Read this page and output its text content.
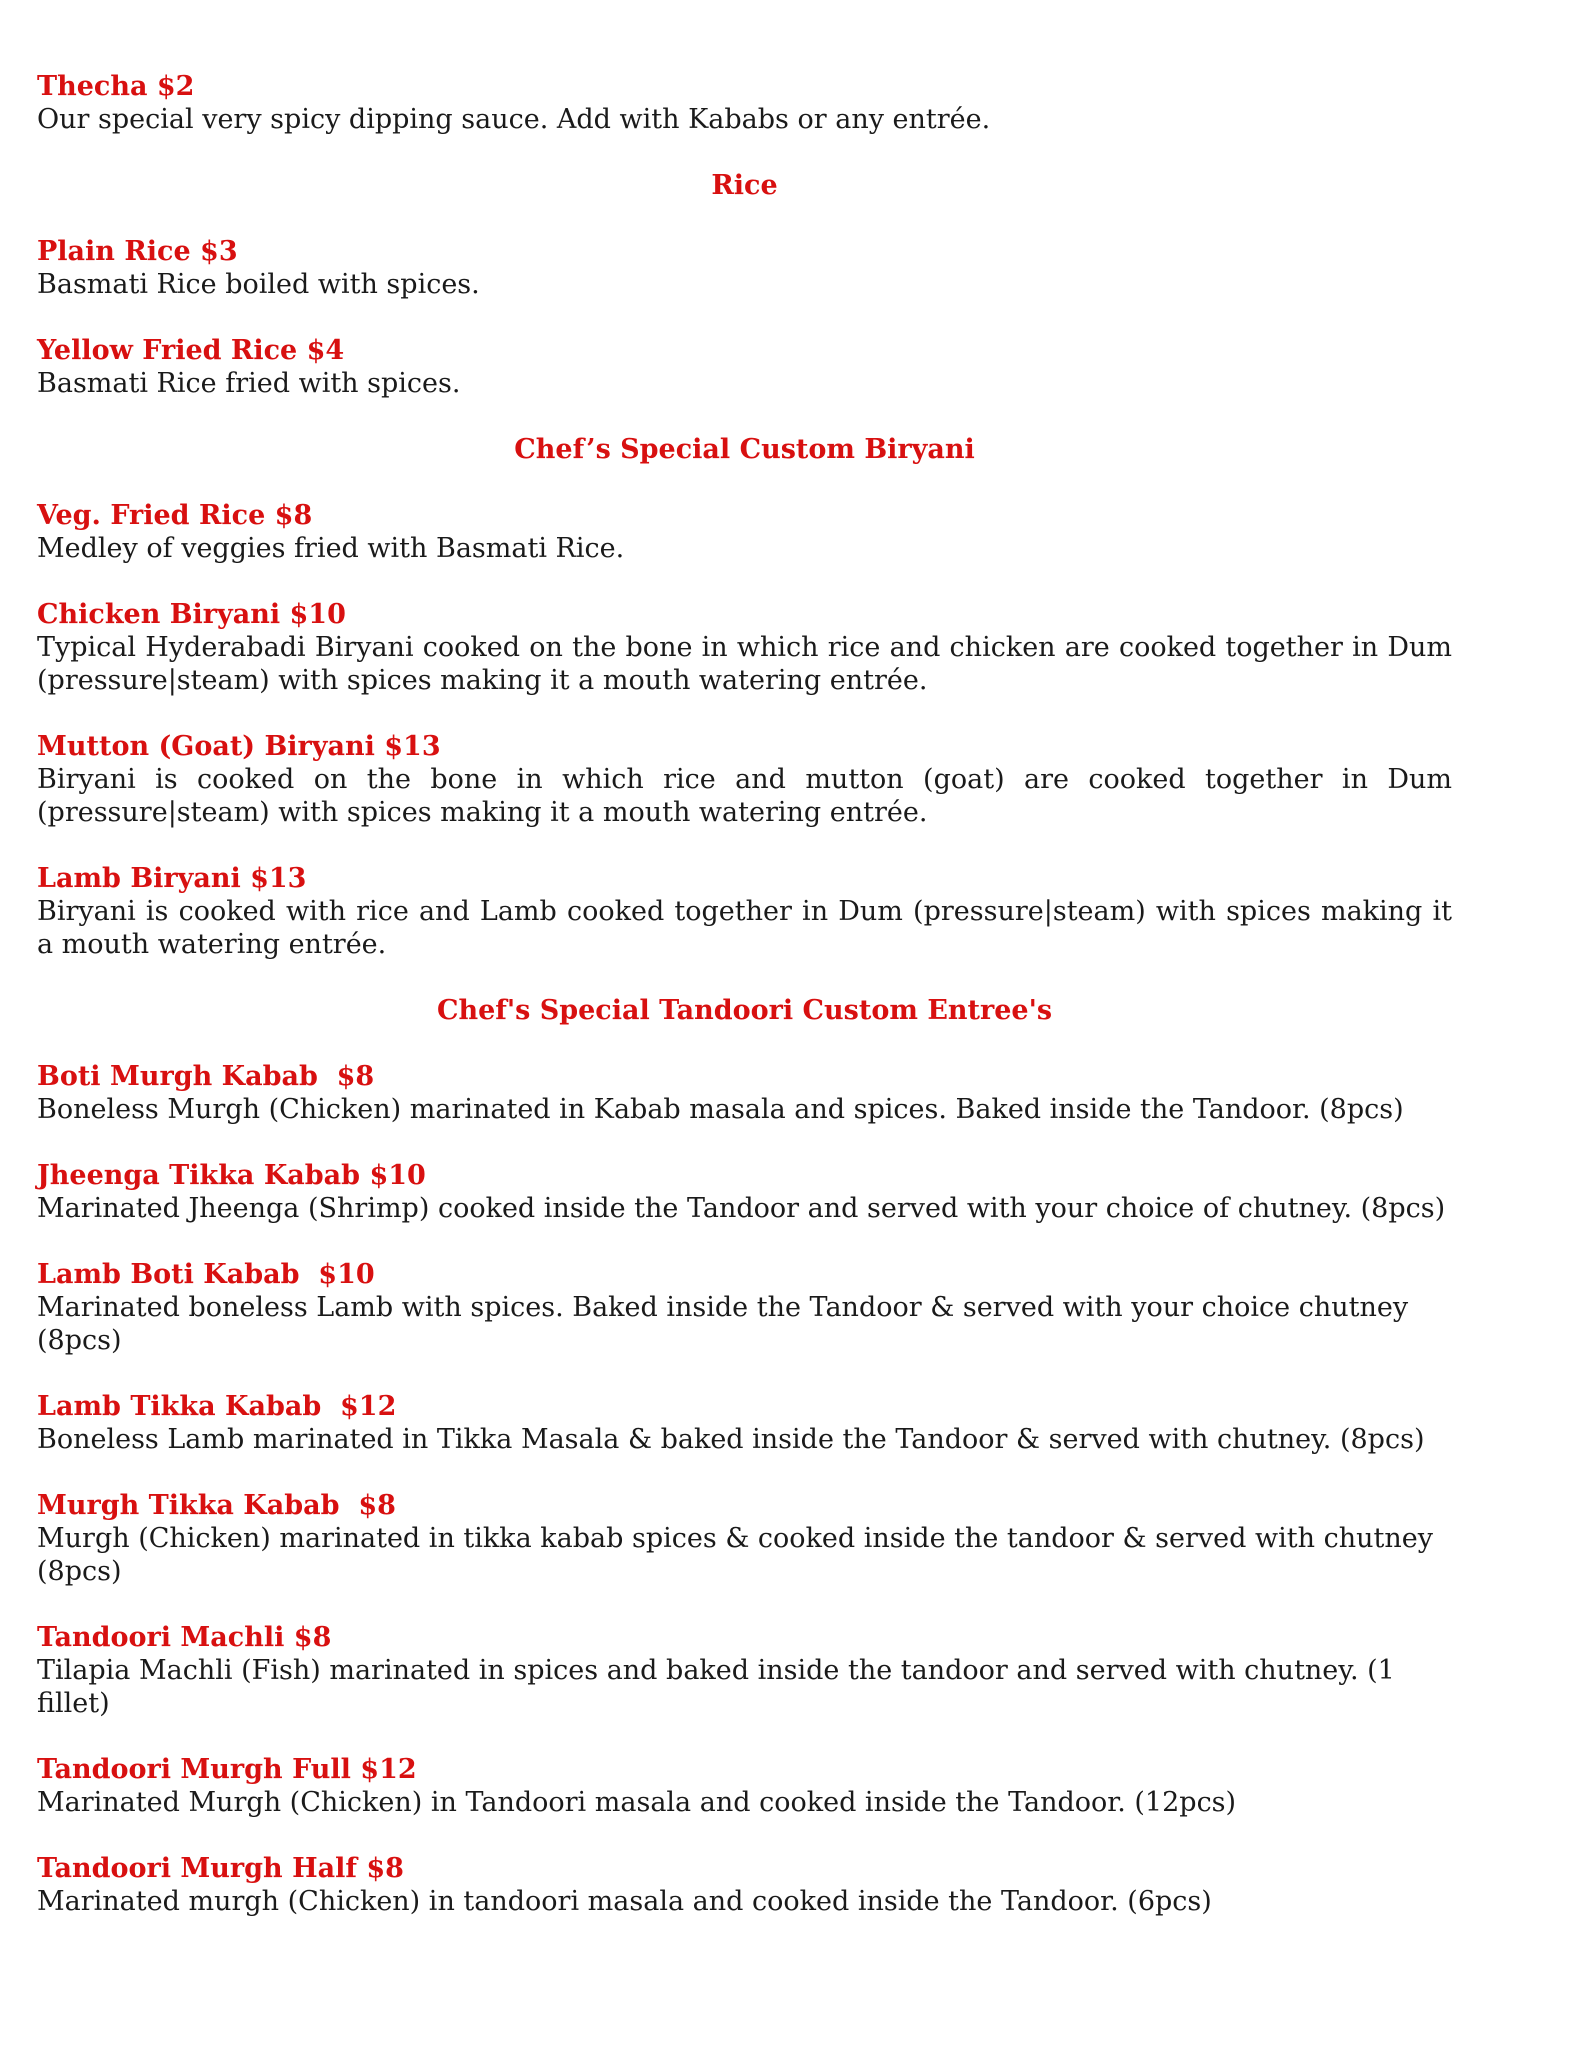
Thecha $2
Our special very spicy dipping sauce. Add with Kababs or any entrée.
Rice
Plain Rice $3
Basmati Rice boiled with spices.
Yellow Fried Rice $4
Basmati Rice fried with spices.
Chef’s Special Custom Biryani
Veg. Fried Rice $8
Medley of veggies fried with Basmati Rice.
Chicken Biryani $10
Typical Hyderabadi Biryani cooked on the bone in which rice and chicken are cooked together in Dum (pressure|steam) with spices making it a mouth watering entrée.
Mutton (Goat) Biryani $13
Biryani is cooked on the bone in which rice and mutton (goat) are cooked together in Dum (pressure|steam) with spices making it a mouth watering entrée.
Lamb Biryani $13
Biryani is cooked with rice and Lamb cooked together in Dum (pressure|steam) with spices making it a mouth watering entrée.
Chef's Special Tandoori Custom Entree's
Boti Murgh Kabab  $8
Boneless Murgh (Chicken) marinated in Kabab masala and spices. Baked inside the Tandoor. (8pcs)
Jheenga Tikka Kabab $10
Marinated Jheenga (Shrimp) cooked inside the Tandoor and served with your choice of chutney. (8pcs)
Lamb Boti Kabab  $10
Marinated boneless Lamb with spices. Baked inside the Tandoor & served with your choice chutney (8pcs)
Lamb Tikka Kabab  $12
Boneless Lamb marinated in Tikka Masala & baked inside the Tandoor & served with chutney. (8pcs)
Murgh Tikka Kabab  $8
Murgh (Chicken) marinated in tikka kabab spices & cooked inside the tandoor & served with chutney (8pcs)
Tandoori Machli $8
Tilapia Machli (Fish) marinated in spices and baked inside the tandoor and served with chutney. (1 fillet)
Tandoori Murgh Full $12
Marinated Murgh (Chicken) in Tandoori masala and cooked inside the Tandoor. (12pcs)
Tandoori Murgh Half $8
Marinated murgh (Chicken) in tandoori masala and cooked inside the Tandoor. (6pcs)
